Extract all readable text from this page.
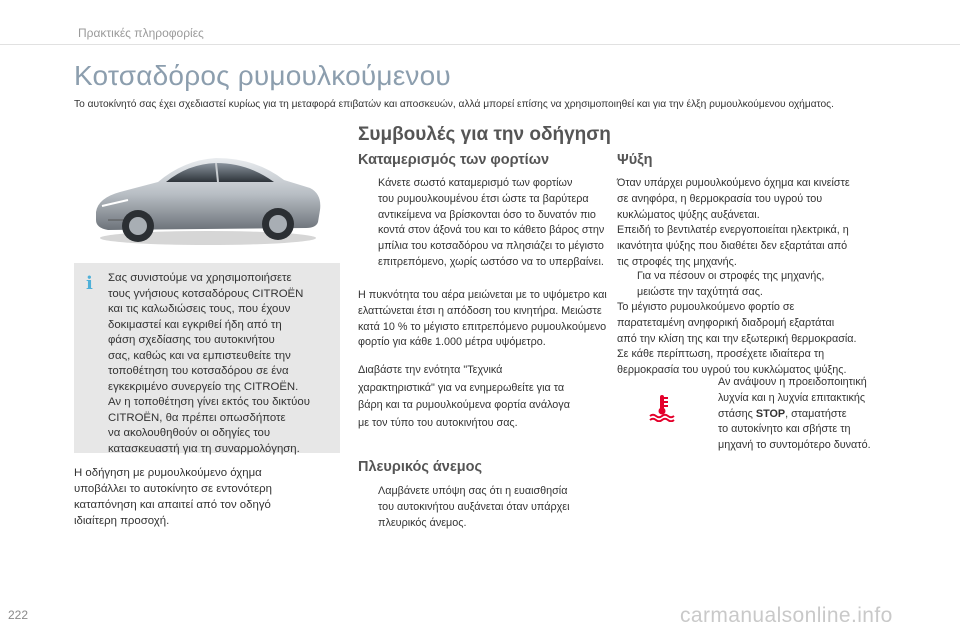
Πρακτικές πληροφορίες
Κοτσαδόρος ρυμουλκούμενου
Το αυτοκίνητό σας έχει σχεδιαστεί κυρίως για τη μεταφορά επιβατών και αποσκευών, αλλά μπορεί επίσης να χρησιμοποιηθεί και για την έλξη ρυμουλκούμενου οχήματος.
i	Σας συνιστούμε να χρησιμοποιήσετε
τους γνήσιους κοτσαδόρους CITROËN
και τις καλωδιώσεις τους, που έχουν
δοκιμαστεί και εγκριθεί ήδη από τη
φάση σχεδίασης του αυτοκινήτου
σας, καθώς και να εμπιστευθείτε την
τοποθέτηση του κοτσαδόρου σε ένα
εγκεκριμένο συνεργείο της CITROËN.
Αν η τοποθέτηση γίνει εκτός του δικτύου
CITROËN, θα πρέπει οπωσδήποτε
να ακολουθηθούν οι οδηγίες του
κατασκευαστή για τη συναρμολόγηση.
Η οδήγηση με ρυμουλκούμενο όχημα
υποβάλλει το αυτοκίνητο σε εντονότερη
καταπόνηση και απαιτεί από τον οδηγό
ιδιαίτερη προσοχή.
Συμβουλές για την οδήγηση
Καταμερισμός των φορτίων
Κάνετε σωστό καταμερισμό των φορτίων
του ρυμουλκουμένου έτσι ώστε τα βαρύτερα
αντικείμενα να βρίσκονται όσο το δυνατόν πιο
κοντά στον άξονά του και το κάθετο βάρος στην
μπίλια του κοτσαδόρου να πλησιάζει το μέγιστο
επιτρεπόμενο, χωρίς ωστόσο να το υπερβαίνει.
Η πυκνότητα του αέρα μειώνεται με το υψόμετρο και
ελαττώνεται έτσι η απόδοση του κινητήρα. Μειώστε
κατά 10 % το μέγιστο επιτρεπόμενο ρυμουλκούμενο
φορτίο για κάθε 1.000 μέτρα υψόμετρο.
Διαβάστε την ενότητα "Τεχνικά
χαρακτηριστικά" για να ενημερωθείτε για τα
βάρη και τα ρυμουλκούμενα φορτία ανάλογα
με τον τύπο του αυτοκινήτου σας.
Πλευρικός άνεμος
Λαμβάνετε υπόψη σας ότι η ευαισθησία
του αυτοκινήτου αυξάνεται όταν υπάρχει
πλευρικός άνεμος.
Ψύξη
Όταν υπάρχει ρυμουλκούμενο όχημα και κινείστε
σε ανηφόρα, η θερμοκρασία του υγρού του
κυκλώματος ψύξης αυξάνεται.
Επειδή το βεντιλατέρ ενεργοποιείται ηλεκτρικά, η
ικανότητα ψύξης που διαθέτει δεν εξαρτάται από
τις στροφές της μηχανής.
Για να πέσουν οι στροφές της μηχανής,
μειώστε την ταχύτητά σας.
Το μέγιστο ρυμουλκούμενο φορτίο σε
παρατεταμένη ανηφορική διαδρομή εξαρτάται
από την κλίση της και την εξωτερική θερμοκρασία.
Σε κάθε περίπτωση, προσέχετε ιδιαίτερα τη
θερμοκρασία του υγρού του κυκλώματος ψύξης.
Αν ανάψουν η προειδοποιητική
λυχνία και η λυχνία επιτακτικής
στάσης STOP, σταματήστε
το αυτοκίνητο και σβήστε τη
μηχανή το συντομότερο δυνατό.
222	carmanualsonline.info
